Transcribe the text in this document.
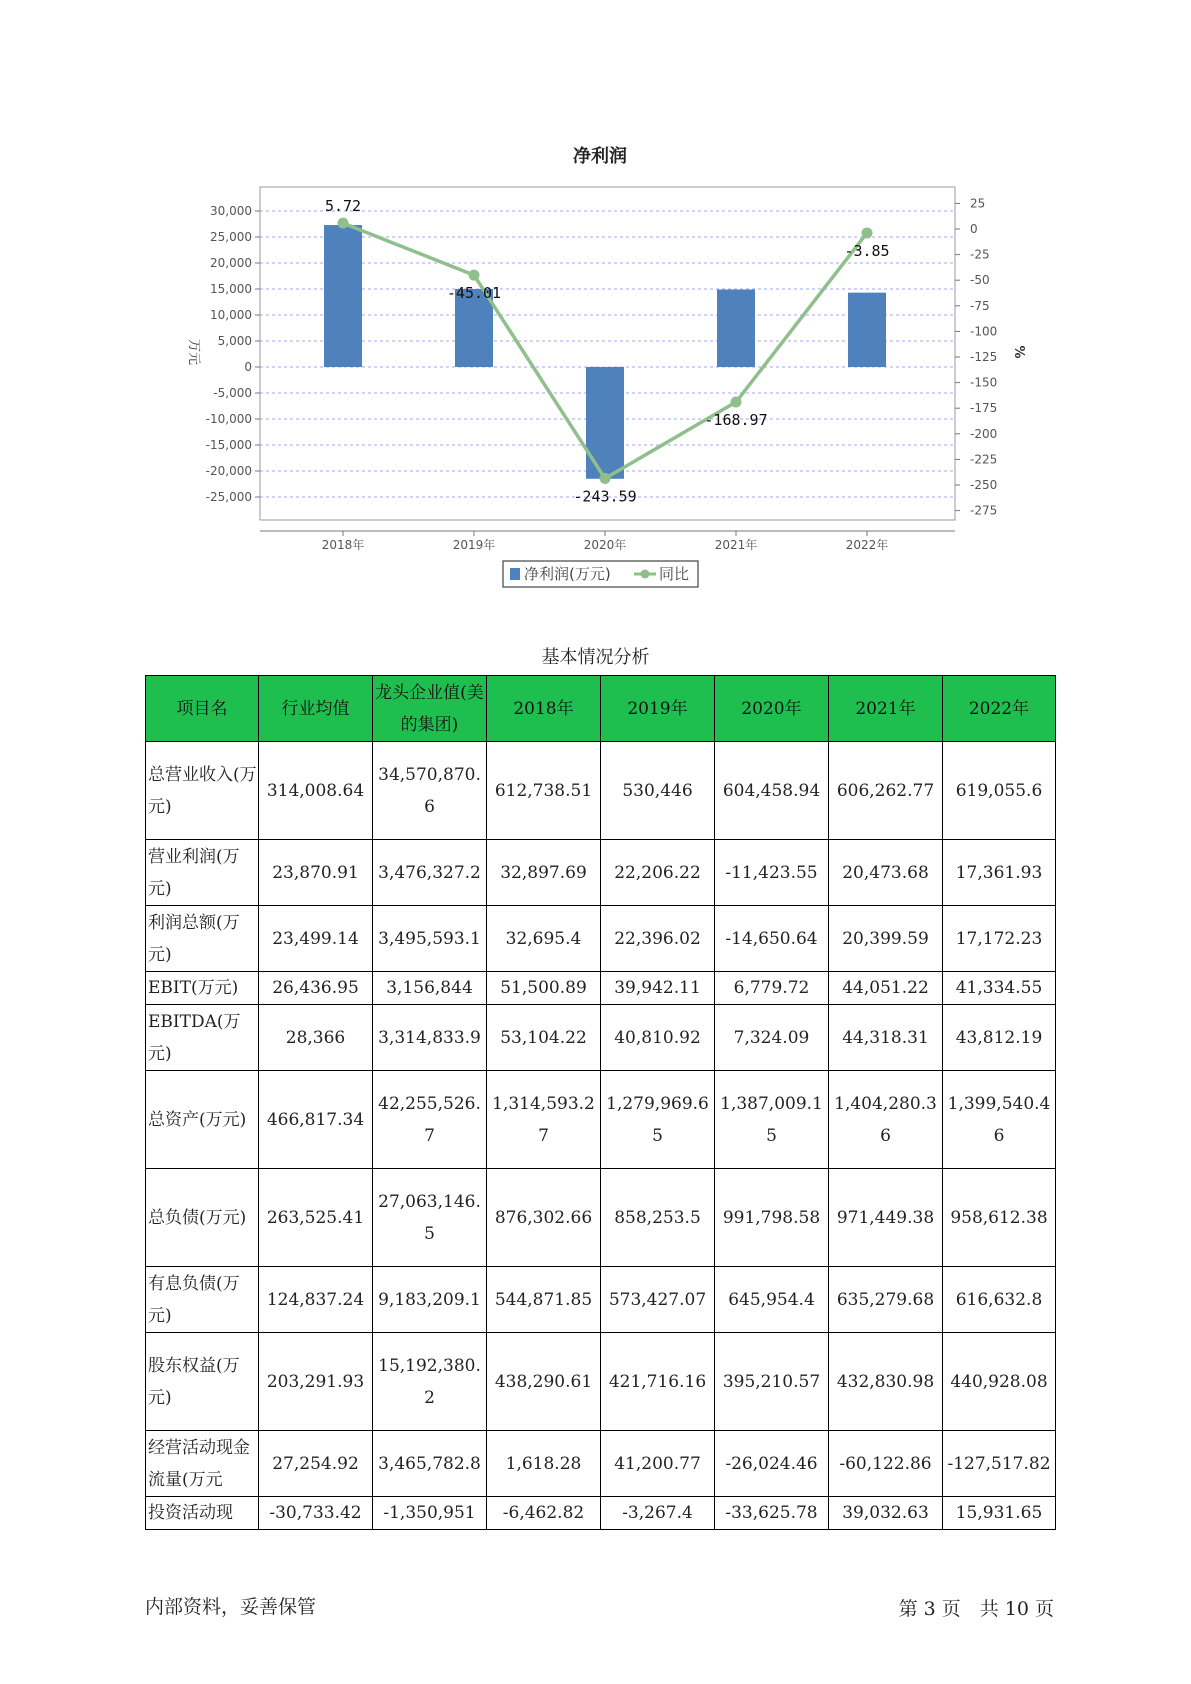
净利润
30,000
25,000
20,000
15,000
10,000
5,000
0
-5,000
-10,000
-15,000
-20,000
-25,000
25
0
-25
-50
-75
-100
-125
-150
-175
-200
-225
-250
-275
万元	%
2018年	2019年	2020年	2021年	2022年
5.72
-45.01
-243.59
-168.97
-3.85
净利润(万元)	同比
基本情况分析
项目名	行业均值	龙头企业值(美的集团)	2018年	2019年	2020年	2021年	2022年
总营业收入(万元)	314,008.64	34,570,870.6	612,738.51	530,446	604,458.94	606,262.77	619,055.6
营业利润(万元)	23,870.91	3,476,327.2	32,897.69	22,206.22	-11,423.55	20,473.68	17,361.93
利润总额(万元)	23,499.14	3,495,593.1	32,695.4	22,396.02	-14,650.64	20,399.59	17,172.23
EBIT(万元)	26,436.95	3,156,844	51,500.89	39,942.11	6,779.72	44,051.22	41,334.55
EBITDA(万元)	28,366	3,314,833.9	53,104.22	40,810.92	7,324.09	44,318.31	43,812.19
总资产(万元)	466,817.34	42,255,526.7	1,314,593.27	1,279,969.65	1,387,009.15	1,404,280.36	1,399,540.46
总负债(万元)	263,525.41	27,063,146.5	876,302.66	858,253.5	991,798.58	971,449.38	958,612.38
有息负债(万元)	124,837.24	9,183,209.1	544,871.85	573,427.07	645,954.4	635,279.68	616,632.8
股东权益(万元)	203,291.93	15,192,380.2	438,290.61	421,716.16	395,210.57	432,830.98	440,928.08
经营活动现金流量(万元	27,254.92	3,465,782.8	1,618.28	41,200.77	-26,024.46	-60,122.86	-127,517.82
投资活动现	-30,733.42	-1,350,951	-6,462.82	-3,267.4	-33,625.78	39,032.63	15,931.65
内部资料，妥善保管	第 3 页　共 10 页
